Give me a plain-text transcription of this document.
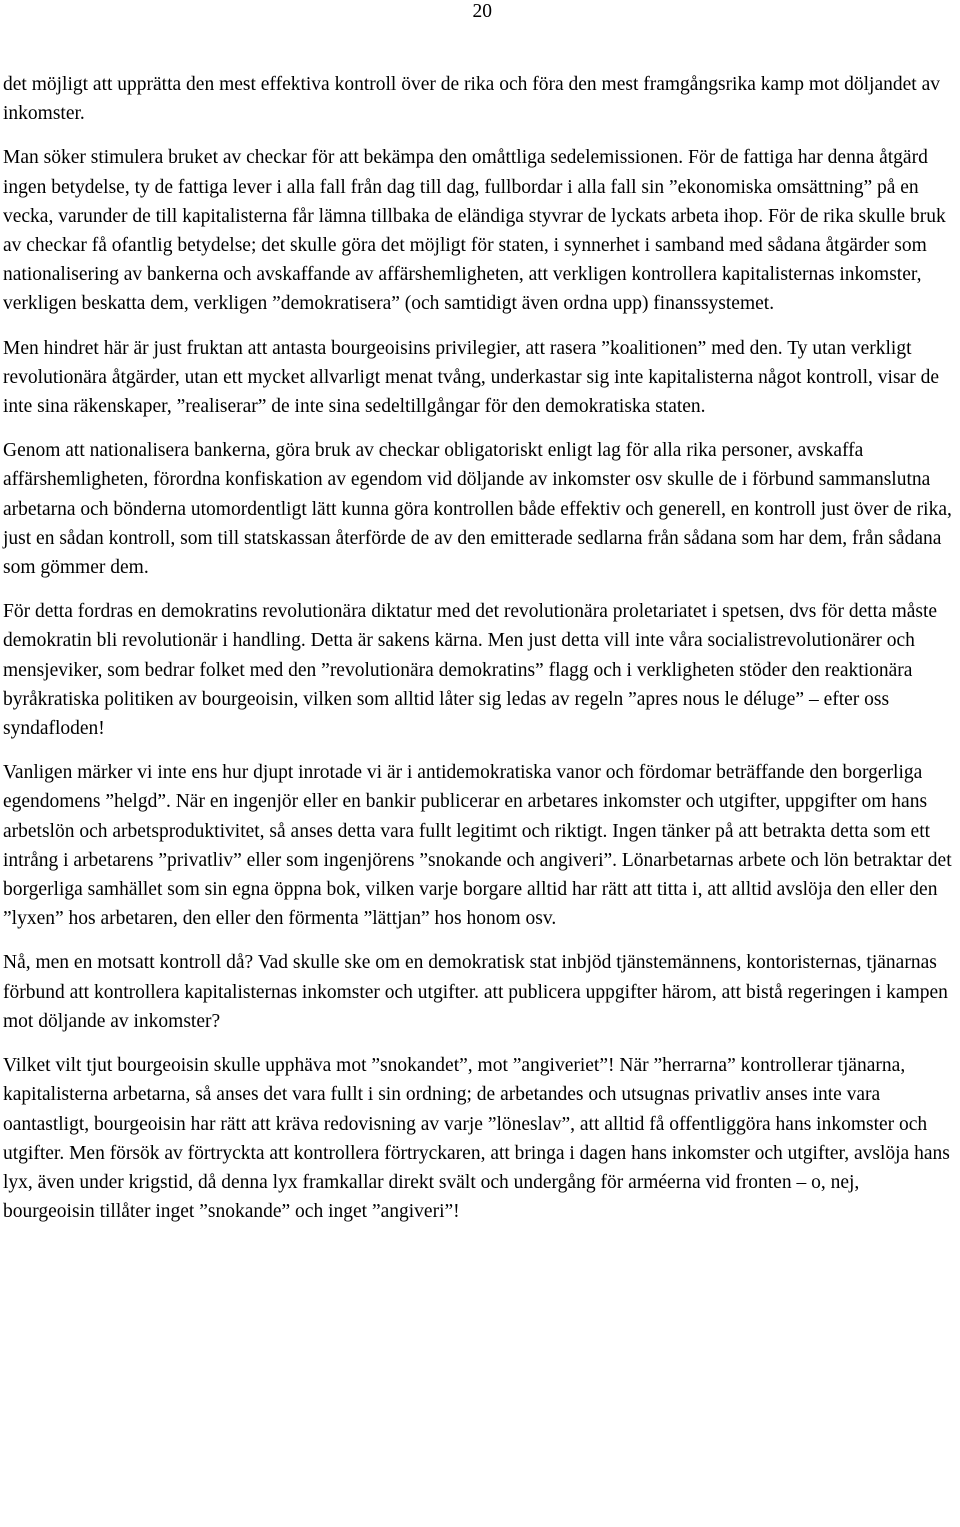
20

det möjligt att upprätta den mest effektiva kontroll över de rika och föra den mest framgångsrika kamp mot döljandet av inkomster.

Man söker stimulera bruket av checkar för att bekämpa den omåttliga sedelemissionen. För de fattiga har denna åtgärd ingen betydelse, ty de fattiga lever i alla fall från dag till dag, fullbordar i alla fall sin ”ekonomiska omsättning” på en vecka, varunder de till kapitalisterna får lämna tillbaka de eländiga styvrar de lyckats arbeta ihop. För de rika skulle bruk av checkar få ofantlig betydelse; det skulle göra det möjligt för staten, i synnerhet i samband med sådana åtgärder som nationalisering av bankerna och avskaffande av affärshemligheten, att verkligen kontrollera kapitalisternas inkomster, verkligen beskatta dem, verkligen ”demokratisera” (och samtidigt även ordna upp) finanssystemet.

Men hindret här är just fruktan att antasta bourgeoisins privilegier, att rasera ”koalitionen” med den. Ty utan verkligt revolutionära åtgärder, utan ett mycket allvarligt menat tvång, underkastar sig inte kapitalisterna något kontroll, visar de inte sina räkenskaper, ”realiserar” de inte sina sedeltillgångar för den demokratiska staten.

Genom att nationalisera bankerna, göra bruk av checkar obligatoriskt enligt lag för alla rika personer, avskaffa affärshemligheten, förordna konfiskation av egendom vid döljande av inkomster osv skulle de i förbund sammanslutna arbetarna och bönderna utomordentligt lätt kunna göra kontrollen både effektiv och generell, en kontroll just över de rika, just en sådan kontroll, som till statskassan återförde de av den emitterade sedlarna från sådana som har dem, från sådana som gömmer dem.

För detta fordras en demokratins revolutionära diktatur med det revolutionära proletariatet i spetsen, dvs för detta måste demokratin bli revolutionär i handling. Detta är sakens kärna. Men just detta vill inte våra socialistrevolutionärer och mensjeviker, som bedrar folket med den ”revolutionära demokratins” flagg och i verkligheten stöder den reaktionära byråkratiska politiken av bourgeoisin, vilken som alltid låter sig ledas av regeln ”apres nous le déluge” – efter oss syndafloden!

Vanligen märker vi inte ens hur djupt inrotade vi är i antidemokratiska vanor och fördomar beträffande den borgerliga egendomens ”helgd”. När en ingenjör eller en bankir publicerar en arbetares inkomster och utgifter, uppgifter om hans arbetslön och arbetsproduktivitet, så anses detta vara fullt legitimt och riktigt. Ingen tänker på att betrakta detta som ett intrång i arbetarens ”privatliv” eller som ingenjörens ”snokande och angiveri”. Lönarbetarnas arbete och lön betraktar det borgerliga samhället som sin egna öppna bok, vilken varje borgare alltid har rätt att titta i, att alltid avslöja den eller den ”lyxen” hos arbetaren, den eller den förmenta ”lättjan” hos honom osv.

Nå, men en motsatt kontroll då? Vad skulle ske om en demokratisk stat inbjöd tjänstemännens, kontoristernas, tjänarnas förbund att kontrollera kapitalisternas inkomster och utgifter. att publicera uppgifter härom, att bistå regeringen i kampen mot döljande av inkomster?

Vilket vilt tjut bourgeoisin skulle upphäva mot ”snokandet”, mot ”angiveriet”! När ”herrarna” kontrollerar tjänarna, kapitalisterna arbetarna, så anses det vara fullt i sin ordning; de arbetandes och utsugnas privatliv anses inte vara oantastligt, bourgeoisin har rätt att kräva redovisning av varje ”löneslav”, att alltid få offentliggöra hans inkomster och utgifter. Men försök av förtryckta att kontrollera förtryckaren, att bringa i dagen hans inkomster och utgifter, avslöja hans lyx, även under krigstid, då denna lyx framkallar direkt svält och undergång för arméerna vid fronten – o, nej, bourgeoisin tillåter inget ”snokande” och inget ”angiveri”!
